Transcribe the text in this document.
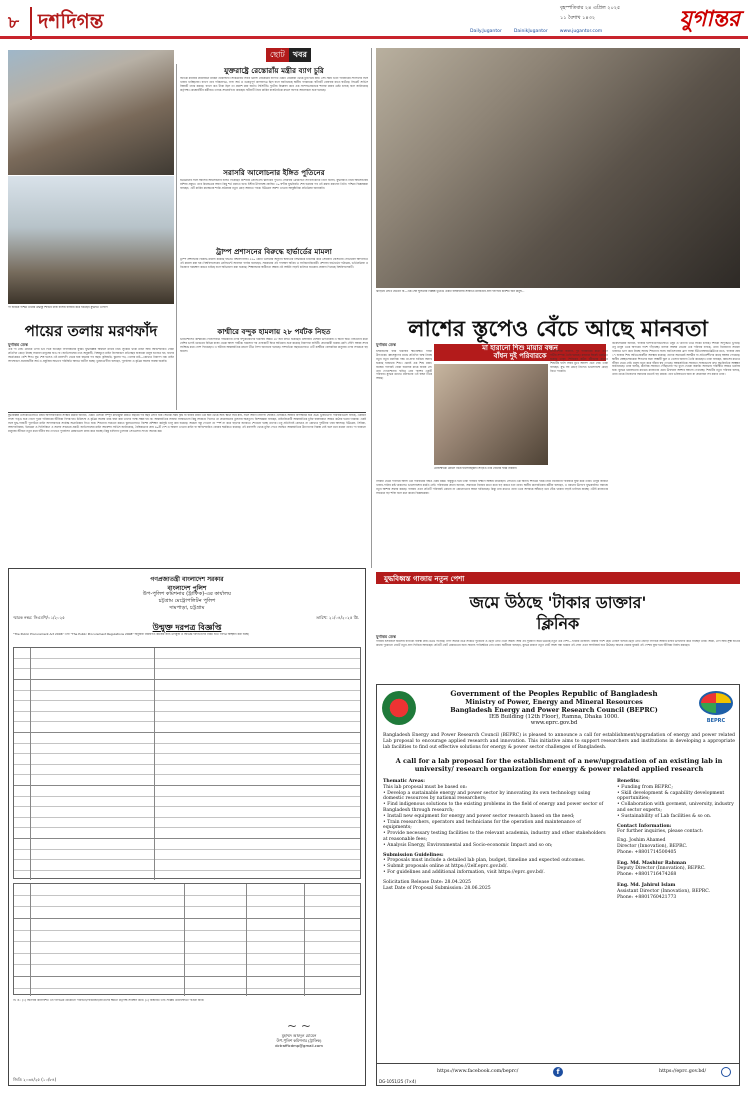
৮ দশদিগন্ত
বৃহস্পতিবার ২৪ এপ্রিল ২০২৫
১১ বৈশাখ ১৪৩২	যুগান্তর
Daily.Jugantor	DainikJugantor	www.jugantor.com
পা হারিয়ে পশ্চিম তীরের উদ্বাস্তু শিবিরে নিজ বাসায় ব্যবহার করে হাঁটছেন যুদ্ধাহত এফিপি
ছোট	খবর
যুক্তরাষ্ট্রে রেস্তোরাঁয় মন্ত্রীর ব্যাগ চুরি
ব্যাংকে কাজের প্রয়োজনে মার্কিন হোমল্যান্ড সিকিউরিটি সচিব ক্রিস্টি নোয়েমের ব্যাগটি একটি রেস্তোরাঁ থেকে চুরি হয়ে যায়। সেই সময় তিনি পরিবারের সদস্যদের সঙ্গে খাবার খাচ্ছিলেন। ব্যাগে তার পরিচয়পত্র, নগদ অর্থ ও গুরুত্বপূর্ণ কাগজপত্র ছিল বলে জানিয়েছে স্থানীয় গণমাধ্যম। ঘটনাটি রোববার রাতে ঘটেছে। সিক্রেট সার্ভিস বিষয়টি তদন্ত করছে। ব্যাগে কত টাকা ছিল তা প্রকাশ করা হয়নি। সিসিটিভি ফুটেজ বিশ্লেষণ করে এক সন্দেহভাজনকে শনাক্ত করার চেষ্টা চলছে বলে জানিয়েছে কর্তৃপক্ষ। রেস্তোরাঁটির কর্মীরাও তদন্তে সহযোগিতা করছেন। ঘটনাটি নিয়ে মার্কিন রাজনৈতিক মহলে ব্যাপক আলোচনা শুরু হয়েছে।
সরাসরি আলোচনার ইঙ্গিত পুতিনের
ইউক্রেনের সঙ্গে সরাসরি আলোচনার ইঙ্গিত দিয়েছেন রাশিয়ার প্রেসিডেন্ট ভ্লাদিমির পুতিন। সোমবার ক্রেমলিনে সাংবাদিকদের তিনি বলেন, যুদ্ধবিরতি নিয়ে আলোচনায় রাশিয়া প্রস্তুত। তবে কিয়েভকে আগে কিছু শর্ত মানতে হবে। ইস্টার উপলক্ষে ঘোষিত ৩০ ঘণ্টার যুদ্ধবিরতি শেষ হওয়ার পর এই মন্তব্য করলেন তিনি। পশ্চিমা বিশ্লেষকরা বলছেন, এটি মার্কিন মধ্যস্থতায় শান্তি প্রক্রিয়ায় নতুন মোড় আনতে পারে। ইউক্রেন অবশ্য এখনো আনুষ্ঠানিক প্রতিক্রিয়া জানায়নি।
ট্রাম্প প্রশাসনের বিরুদ্ধে হার্ভার্ডের মামলা
ট্রাম্প প্রশাসনের বিরুদ্ধে মামলা করেছে হার্ভার্ড বিশ্ববিদ্যালয়। ২২০ কোটি ডলারের অনুদান স্থগিতের সিদ্ধান্তকে চ্যালেঞ্জ করে সোমবার বোস্টনের ফেডারেল আদালতে এই মামলা করা হয়। বিশ্ববিদ্যালয়ের প্রেসিডেন্ট অ্যালান গার্বার বলেছেন, সরকারের এই পদক্ষেপ অবৈধ ও সংবিধানবিরোধী। প্রশাসন হার্ভার্ডের পাঠ্যক্রম, ভর্তিপ্রক্রিয়া ও নিয়োগে হস্তক্ষেপ করতে চাইছে বলে অভিযোগ করা হয়েছে। শিক্ষাঙ্গনের স্বাধীনতা রক্ষায় এই আইনি লড়াই চালিয়ে যাওয়ার ঘোষণা দিয়েছে বিশ্ববিদ্যালয়টি।
কাশ্মীরে বন্দুক হামলায় ২৮ পর্যটক নিহত
ভারতশাসিত কাশ্মীরের পেহেলগামে পর্যটকদের ওপর বন্দুকধারীদের হামলায় অন্তত ২৮ জন নিহত হয়েছেন। মঙ্গলবার বৈসরন উপত্যকায় এ ঘটনা ঘটে। নিহতদের মধ্যে বেশির ভাগই ভারতের বিভিন্ন রাজ্য থেকে আসা পর্যটক। হামলার পর এলাকাটি ঘিরে অভিযান শুরু করেছে নিরাপত্তা বাহিনী। প্রধানমন্ত্রী নরেন্দ্র মোদি সৌদি আরব সফর সংক্ষিপ্ত করে দেশে ফিরেছেন। এ ঘটনায় আন্তর্জাতিক মহলে তীব্র নিন্দা জানানো হয়েছে। সাম্প্রতিক বছরগুলোতে এটি কাশ্মীরে বেসামরিক মানুষের ওপর সবচেয়ে বড় হামলা।
পায়ের তলায় মরণফাঁদ
যুগান্তর ডেস্ক
এক পা নেই। ক্রাচের ওপর ভর দিয়ে হাঁটছেন ফিলিস্তিনের যুবক। যুদ্ধবিধ্বস্ত অঞ্চলে মাটির নিচে লুকিয়ে থাকা মাইন আর অবিস্ফোরিত বোমা প্রতিদিন কেড়ে নিচ্ছে সাধারণ মানুষের হাত-পা। জাতিসংঘের তথ্য অনুযায়ী, বিশ্বজুড়ে মাইন বিস্ফোরণে প্রতিবছর হাজারো মানুষ হতাহত হন, যাদের অর্ধেকেরও বেশি শিশু। যুদ্ধ শেষ হলেও এই মরণফাঁদ থেকে যায় বছরের পর বছর। কৃষিজমি, স্কুলের পথ, খেলার মাঠ—কোথাও নিরাপদ নয়। মাইন অপসারণে প্রয়োজনীয় অর্থ ও প্রযুক্তির অভাবে পরিস্থিতি আরও জটিল হচ্ছে। ভুক্তভোগীরা বলছেন, পুনর্বাসন ও কৃত্রিম অঙ্গের ব্যবস্থা জরুরি।
ঝাড়িয়ে লেখে যেতেন না—এক সেন ঘুদ্দিনের বিধ্বস্ত ভূখণ্ডে একটি ইসরাইলির সংঘাতে মানবতার প্রাণ ফাঁপিয়ে চারশত জন মানুষ...
লাশের স্তূপেও বেঁচে আছে মানবতা
যুগান্তর ডেস্ক	মা হারানো শিশু মায়ার বন্ধন
বাঁধন দুই পরিবারকে
ইসরাইলের বর্বর হামলায় ক্ষতবিক্ষত গাজা উপত্যকা। ধ্বংসস্তূপের মাঝে প্রতিদিন জন্ম নিচ্ছে নতুন নতুন মানবিক গল্প। মা-বাবা হারিয়ে অনাথ হয়েছে হাজারো শিশু। এমনই এক শিশু মায়া। জন্মের পরপরই বোমা হামলায় মাকে হারায় সে। তার দেখাশোনার দায়িত্ব নেয় পাশের একটি পরিবার। যুদ্ধের মধ্যেও মানবতার এই বন্ধন টিকে আছে।
প্রতিবেশীরা জানান, দুই পরিবারের মধ্যে এখন গভীর সম্পর্ক তৈরি হয়েছে। মায়াকে ঘিরেই একত্রিত হয়েছে তারা। শিবিরের কঠিন জীবনের মধ্যেও শিশুটির হাসি সবার মুখে আনন্দ এনে দেয়। তারা বলছেন, যুদ্ধ সব কেড়ে নিলেও ভালোবাসা কেড়ে নিতে পারেনি।
চিকিৎসকেরা জানান, গাজার হাসপাতালগুলোতে ওষুধ ও খাদ্যের তীব্র সংকট চলছে। শিশুরা অপুষ্টিতে ভুগছে। তবু মানুষ একে অপরের পাশে দাঁড়াচ্ছে। রাফায় আশ্রয় নেওয়া এক পরিবার বলছে, তারা নিজেদের সামান্য খাবারও ভাগ করে নিচ্ছে অনাথ শিশুদের সঙ্গে। জাতিসংঘের ত্রাণ সংস্থা ইউএনআরডব্লিউএর মতে, গাজায় প্রায় ১৭ হাজার শিশু অভিভাবকহীন অবস্থায় রয়েছে। তাদের অনেকেই আত্মীয় বা প্রতিবেশীদের কাছে আশ্রয় পেয়েছে। স্থানীয় স্বেচ্ছাসেবকেরা শিশুদের জন্য অস্থায়ী স্কুল ও খেলার জায়গা তৈরি করেছেন। তারা বলছেন, ধ্বংসের মধ্যেও জীবন থেমে নেই। মানুষ নতুন করে বাঁচার স্বপ্ন দেখছে। আন্তর্জাতিক সহায়তা সংস্থাগুলো দ্রুত যুদ্ধবিরতির আহ্বান জানিয়েছে। তারা বলছে, মানবিক সহায়তা পৌঁছানোর পথ খুলে দেওয়া জরুরি। অন্যথায় পরিস্থিতি আরও ভয়াবহ হবে। যুদ্ধের ভয়াবহতার মাঝেও মানবতার এমন উদাহরণ আশার আলো দেখাচ্ছে। শিশুটির নতুন পরিবার বলছে, তারা তাকে নিজেদের সন্তানের মতোই বড় করবে। তার ভবিষ্যতের জন্য যা প্রয়োজন সব করবে তারা।
মোহাম্মদকে কোলে নিয়ে হাস্যোজ্জ্বল সিংড়াও তার বোনের ফরম নরিয়ান
সিরিয়া থেকে পালিয়ে আসা এক পরিবারের গল্পও একই রকম। বাস্তুচ্যুত হয়ে তারা গাজার দক্ষিণে আশ্রয় নিয়েছিল। সেখানে এক অনাথ শিশুকে দত্তক নিয়ে নিজেদের পরিবারে যুক্ত করে তারা। তাঁবুর জীবনে খাবার-পানির কষ্ট থাকলেও ভালোবাসার কমতি নেই। পরিবারের প্রধান জানান, সন্তানকে নিজের মতো করে বড় করতে চান তারা। স্থানীয় মানবাধিকার কর্মীরা বলছেন, এ ধরনের উদ্যোগ যুদ্ধকবলিত সমাজে নতুন আশার সঞ্চার করছে। গাজায় এখন প্রতিটি পরিবারই কোনো না কোনোভাবে স্বজন হারিয়েছে। কিন্তু তার মধ্যেও তারা একে অপরকে আঁকড়ে ধরে বেঁচে থাকার লড়াই চালিয়ে যাচ্ছে। এটাই মানবতার সবচেয়ে বড় শক্তি বলে মনে করেন বিশ্লেষকেরা।
গণপ্রজাতন্ত্রী বাংলাদেশ সরকার
বাংলাদেশ পুলিশ
উপ-পুলিশ কমিশনার (ট্রাফিক)-এর কার্যালয়
চট্টগ্রাম মেট্রোপলিটন পুলিশ
দামপাড়া, চট্টগ্রাম
স্মারক নম্বর: সিএমপি/০১/২০২৫	তারিখ: ২১/০৪/২০২৫ খ্রি.
উন্মুক্ত দরপত্র বিজ্ঞপ্তি
"The Public Procurement Act 2006" এবং "The Public Procurement Regulations 2008" অনুযায়ী নিম্নবর্ণিত কাজের জন্য উপযুক্ত ও অভিজ্ঞ দরদাতাদের নিকট হতে দরপত্র আহ্বান করা হচ্ছে।
বি. দ্র.: (১) অনিবার্য কারণবশত এই দরপত্রের যেকোনো পরিবর্তন/পরিমার্জন/বাতিলের ক্ষমতা কর্তৃপক্ষ সংরক্ষণ করে। (২) বিস্তারিত তথ্য সংশ্লিষ্ট ওয়েবসাইটে পাওয়া যাবে।
~ ~
মুহাম্মদ আবদুল মোমেন
উপ-পুলিশ কমিশনার (ট্রাফিক)
dctrafficdmp@gmail.com
জিডি ২০৩৪/২৫ (১০/৮৪)
যুদ্ধবিধ্বস্ত গাজায় নতুন পেশা
জমে উঠছে 'টাকার ডাক্তার'
ক্লিনিক
যুগান্তর ডেস্ক
গাজায় ইসরাইলি হামলায় ব্যাংকিং ব্যবস্থা প্রায় ভেঙে পড়েছে। নগদ অর্থের তীব্র সংকটে পুরোনো ও ছেঁড়া নোট এখন অচল। আর এই সুযোগে জমে উঠেছে নতুন এক পেশা—'টাকার ডাক্তার'। রাস্তার পাশে ছোট টেবিল বসিয়ে ছেঁড়া নোট জোড়া লাগিয়ে আবার চলার উপযোগী করে দিচ্ছেন তারা। আঠা, টেপ আর সূক্ষ্ম হাতের কাজে পুরোনো নোটে নতুন প্রাণ ফিরিয়ে আনছেন। প্রতিটি নোট মেরামতের জন্য সামান্য পারিশ্রমিক নেন তারা। স্থানীয়রা বলছেন, যুদ্ধের কারণে নতুন নোট আসা বন্ধ থাকায় এই সেবা এখন অপরিহার্য হয়ে উঠেছে। অনেক বেকার যুবকই এই পেশায় যুক্ত হয়ে জীবিকা নির্বাহ করছেন।
Government of the Peoples Republic of Bangladesh
Ministry of Power, Energy and Mineral Resources
Bangladesh Energy and Power Research Council (BEPRC)
IEB Building (12th Floor), Ramna, Dhaka 1000.
www.eprc.gov.bd	BEPRC
Bangladesh Energy and Power Research Council (BEPRC) is pleased to announce a call for establishment/upgradation of energy and power related Lab proposal to encourage applied research and innovation. This initiative aims to support researchers and institutions in developing a appropriate lab facilities to find out effective solutions for energy & power sector challenges of Bangladesh.
A call for a lab proposal for the establishment of a new/upgradation of an existing lab in university/ research organization for energy & power related applied research
Thematic Areas:
This lab proposal must be based on:
• Develop a sustainable energy and power sector by innovating its own technology using domestic resources by national researchers;
• Find indigenous solutions to the existing problems in the field of energy and power sector of Bangladesh through research;
• Install new equipment for energy and power sector research based on the need;
• Train researchers, operators and technicians for the operation and maintenance of equipments;
• Provide necessary testing facilities to the relevant academia, industry and other stakeholders at reasonable fees;
• Analysis Energy, Environmental and Socio-economic Impact and so on;
Submission Guidelines:
• Proposals must include a detailed lab plan, budget, timeline and expected outcomes.
• Submit proposals online at https://2elf.eprc.gov.bd/.
• For guidelines and additional information, visit https://eprc.gov.bd/.
Solicitation Release Date: 28.04.2025
Last Date of Proposal Submission: 28.06.2025
Benefits:
• Funding from BEPRC;
• Skill development & capability development opportunities;
• Collaboration with govment, university, industry and sector experts;
• Sustainability of Lab facilities & so on.
Contact Information:
For further inquiries, please contact:
Eng. Joshim Ahamed
Director (Innovation), BEPRC.
Phone: +8801714500405
Eng. Md. Mashiur Rahman
Deputy Director (Innovation), BEPRC.
Phone: +8801716474268
Eng. Md. Jahirul Islam
Assistant Director (Innovation), BEPRC.
Phone: +8801760421773
https://www.facebook.com/beprc/	f	https://eprc.gov.bd/
DG-1051/25 (7×4)
যুদ্ধবিধ্বস্ত এলাকাগুলোতে মাইন অপসারণকারী সংস্থার কর্মীরা জানান, একটি এলাকা সম্পূর্ণ মাইনমুক্ত করতে বছরের পর বছর লেগে যায়। অনেক সময় বৃষ্টি বা বন্যায় মাইন এক স্থান থেকে অন্য স্থানে সরে যায়, ফলে আগে নিরাপদ ঘোষিত এলাকাও আবার বিপজ্জনক হয়ে ওঠে। ভুক্তভোগী পরিবারগুলো বলছে, একজন সদস্য পঙ্গু হয়ে গেলে পুরো পরিবারের জীবিকা বিপন্ন হয়। চিকিৎসা ও কৃত্রিম অঙ্গের খরচ বহন করা তাদের পক্ষে সম্ভব হয় না। আন্তর্জাতিক সাহায্য সংস্থাগুলো কিছু সহায়তা দিলেও তা প্রয়োজনের তুলনায় অপ্রতুল। বিশেষজ্ঞরা বলছেন, মাইনবিরোধী আন্তর্জাতিক চুক্তি বাস্তবায়নে আরও কঠোর হওয়া দরকার। একই সঙ্গে যুদ্ধ-পরবর্তী পুনর্গঠনে মাইন অপসারণকে সর্বোচ্চ অগ্রাধিকার দিতে হবে। শিশুদের সচেতন করতে স্কুলগুলোতে বিশেষ প্রশিক্ষণ কর্মসূচি চালু করা হয়েছে। অচেনা বস্তু দেখলে তা স্পর্শ না করে বড়দের জানাতে শেখানো হচ্ছে তাদের। তবু প্রতিদিনই কোথাও না কোথাও দুর্ঘটনার খবর আসছে। ইউক্রেন, সিরিয়া, আফগানিস্তান, ইয়েমেন ও ফিলিস্তিনে এ সমস্যা সবচেয়ে প্রকট। জাতিসংঘের মাইন অ্যাকশন সার্ভিস জানিয়েছে, বৈশ্বিকভাবে প্রায় ৬০টি দেশ ও অঞ্চল এখনো মাইন বা অবিস্ফোরিত বোমার হুমকিতে রয়েছে। এই মরণফাঁদ থেকে মুক্তি পেতে সমন্বিত আন্তর্জাতিক উদ্যোগের বিকল্প নেই বলে মনে করেন তারা। পা হারানো মানুষের জীবনে নতুন করে হাঁটার স্বপ্ন দেখাতে পুনর্বাসন কেন্দ্রগুলো কাজ করে যাচ্ছে। কিন্তু চাহিদার তুলনায় সেগুলোর সংখ্যা অনেক কম।
